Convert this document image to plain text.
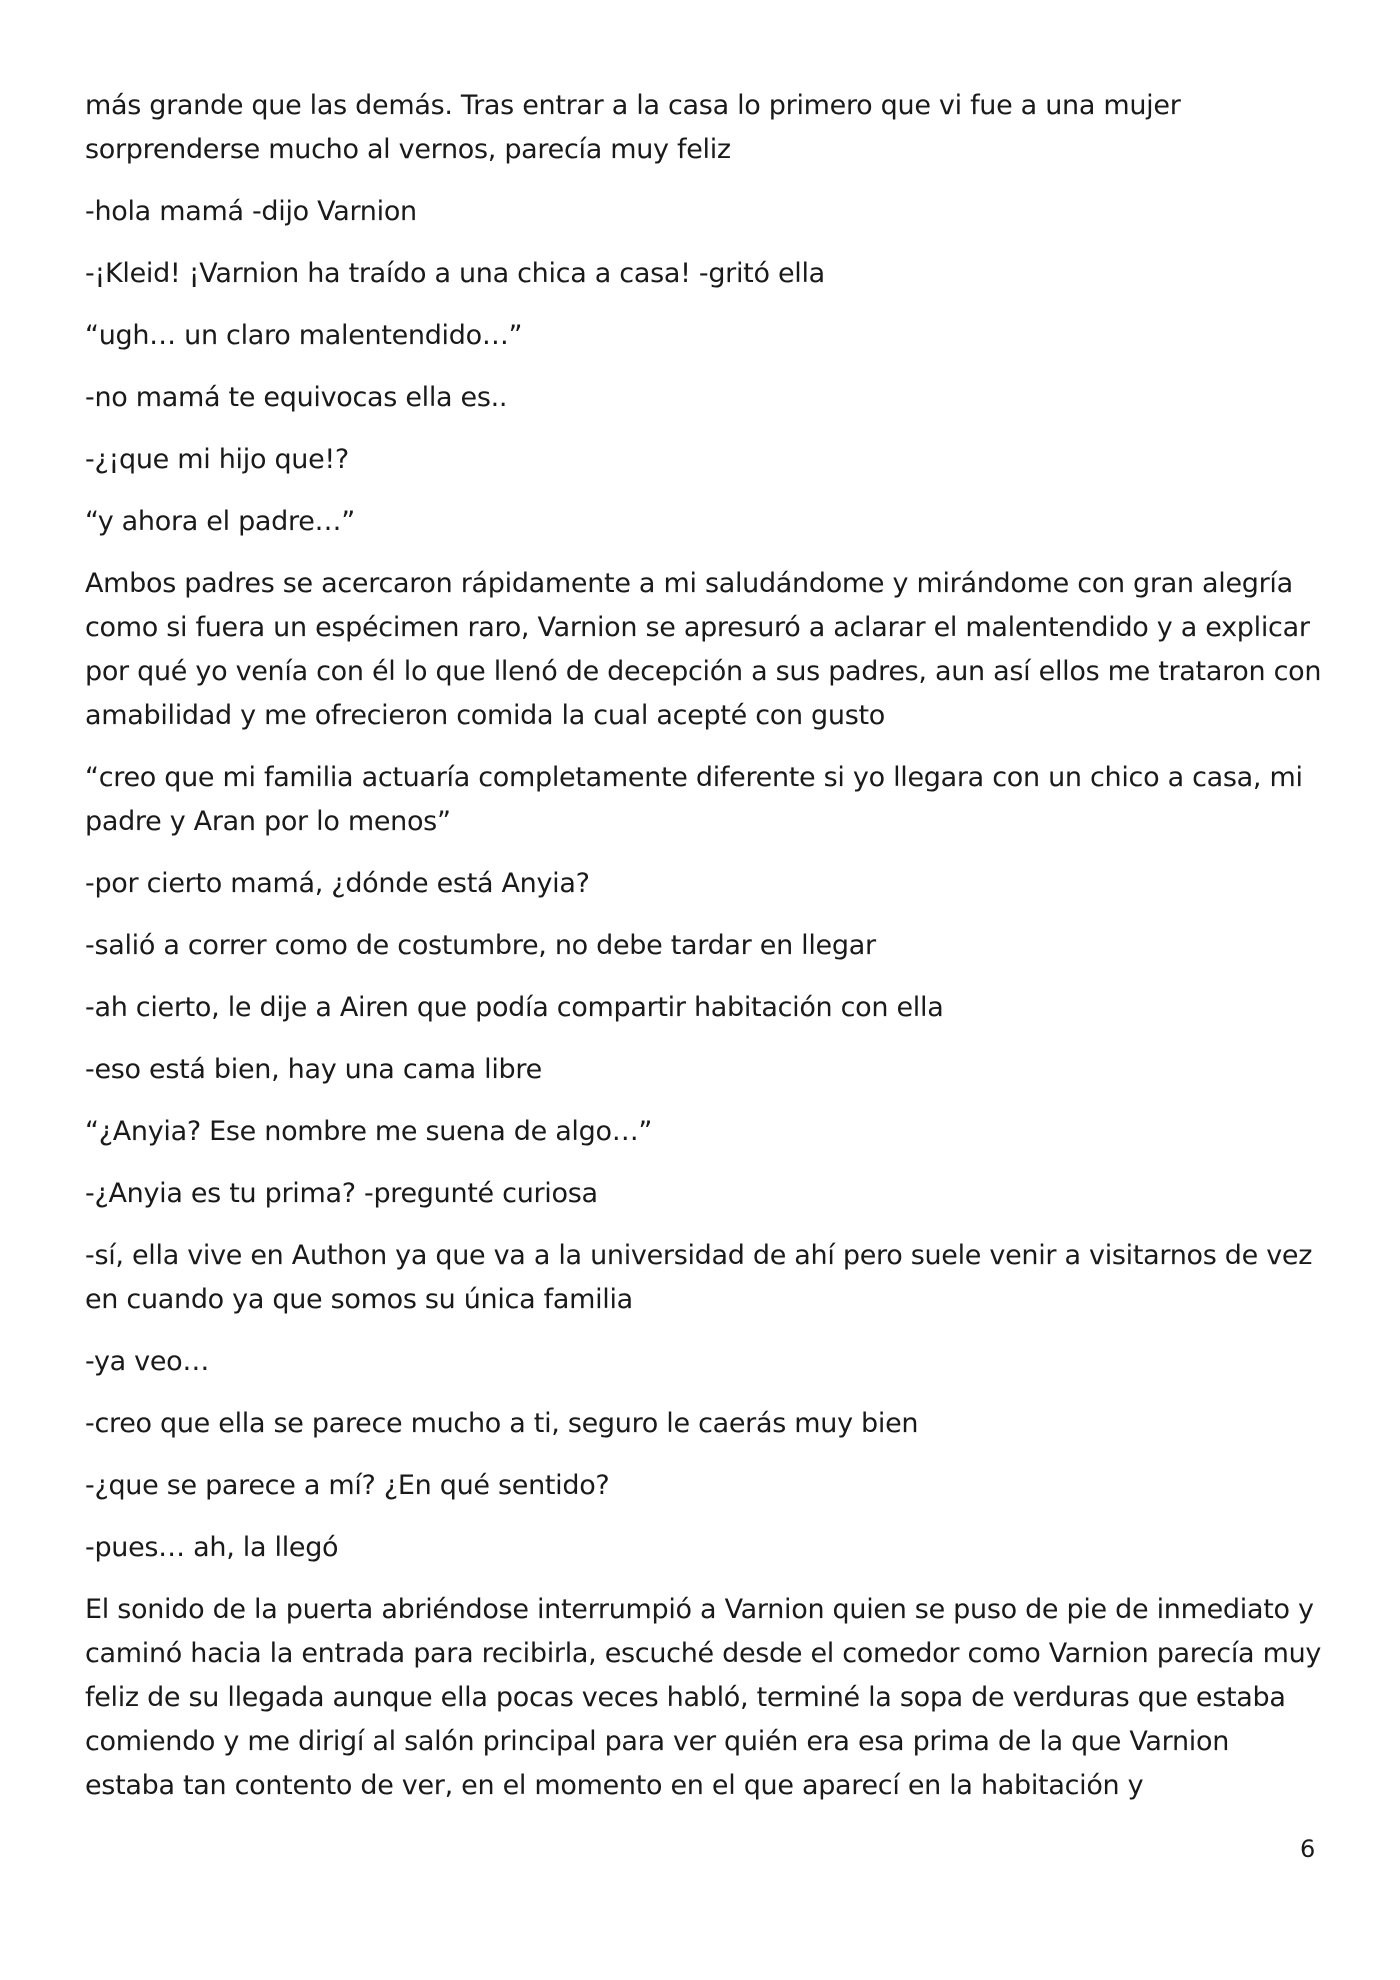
más grande que las demás. Tras entrar a la casa lo primero que vi fue a una mujer sorprenderse mucho al vernos, parecía muy feliz

-hola mamá -dijo Varnion

-¡Kleid! ¡Varnion ha traído a una chica a casa! -gritó ella

“ugh… un claro malentendido…”

-no mamá te equivocas ella es..

-¿¡que mi hijo que!?

“y ahora el padre…”

Ambos padres se acercaron rápidamente a mi saludándome y mirándome con gran alegría como si fuera un espécimen raro, Varnion se apresuró a aclarar el malentendido y a explicar por qué yo venía con él lo que llenó de decepción a sus padres, aun así ellos me trataron con amabilidad y me ofrecieron comida la cual acepté con gusto

“creo que mi familia actuaría completamente diferente si yo llegara con un chico a casa, mi padre y Aran por lo menos”

-por cierto mamá, ¿dónde está Anyia?

-salió a correr como de costumbre, no debe tardar en llegar

-ah cierto, le dije a Airen que podía compartir habitación con ella

-eso está bien, hay una cama libre

“¿Anyia? Ese nombre me suena de algo…”

-¿Anyia es tu prima? -pregunté curiosa

-sí, ella vive en Authon ya que va a la universidad de ahí pero suele venir a visitarnos de vez en cuando ya que somos su única familia

-ya veo…

-creo que ella se parece mucho a ti, seguro le caerás muy bien

-¿que se parece a mí? ¿En qué sentido?

-pues… ah, la llegó

El sonido de la puerta abriéndose interrumpió a Varnion quien se puso de pie de inmediato y caminó hacia la entrada para recibirla, escuché desde el comedor como Varnion parecía muy feliz de su llegada aunque ella pocas veces habló, terminé la sopa de verduras que estaba comiendo y me dirigí al salón principal para ver quién era esa prima de la que Varnion estaba tan contento de ver, en el momento en el que aparecí en la habitación y

6
